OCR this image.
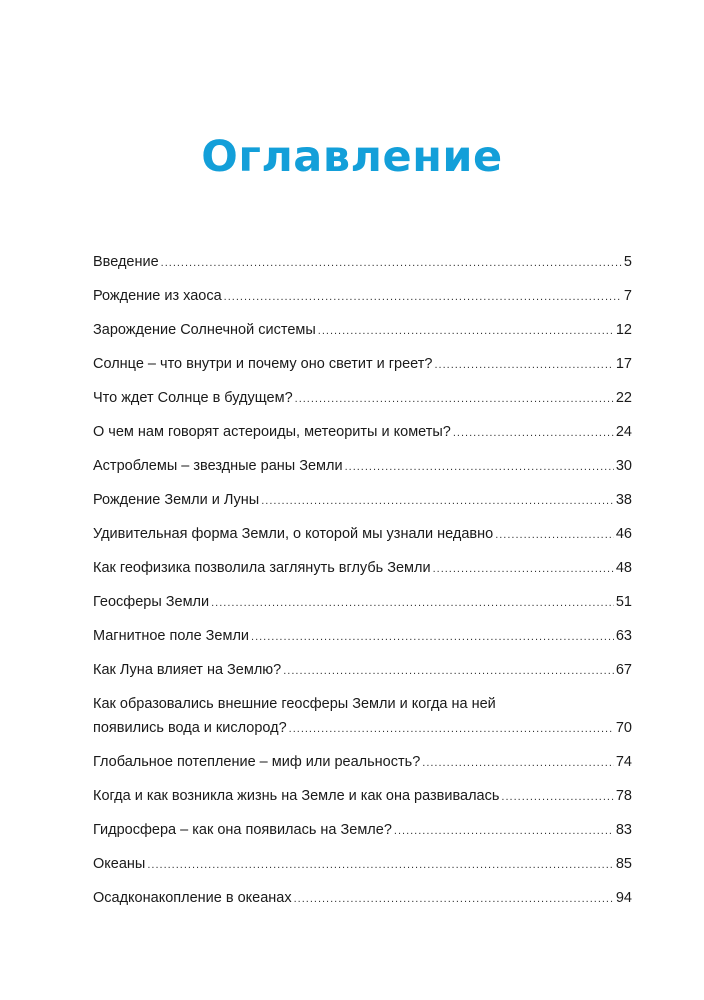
Оглавление
Введение .....	5
Рождение из хаоса .....	7
Зарождение Солнечной системы .....	12
Солнце – что внутри и почему оно светит и греет? .....	17
Что ждет Солнце в будущем? .....	22
О чем нам говорят астероиды, метеориты и кометы? .....	24
Астроблемы – звездные раны Земли .....	30
Рождение Земли и Луны .....	38
Удивительная форма Земли, о которой мы узнали недавно .....	46
Как геофизика позволила заглянуть вглубь Земли .....	48
Геосферы Земли .....	51
Магнитное поле Земли .....	63
Как Луна влияет на Землю? .....	67
Как образовались внешние геосферы Земли и когда на ней
появились вода и кислород? .....	70
Глобальное потепление – миф или реальность? .....	74
Когда и как возникла жизнь на Земле и как она развивалась .....	78
Гидросфера – как она появилась на Земле? .....	83
Океаны .....	85
Осадконакопление в океанах .....	94
